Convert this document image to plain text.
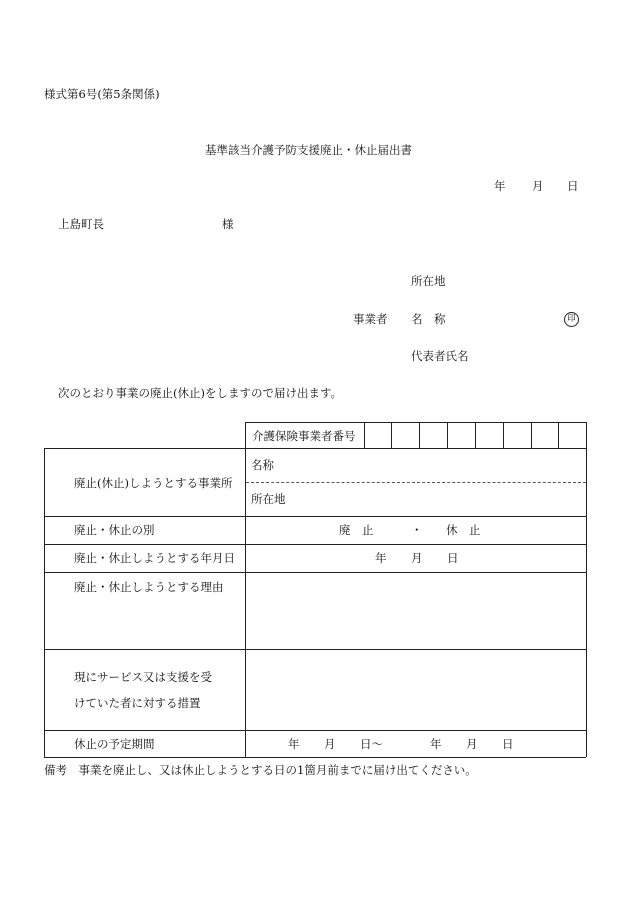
様式第6号(第5条関係)
基準該当介護予防支援廃止・休止届出書
年 月 日
上島町長	様
所在地
事業者 名　称	印
代表者氏名
次のとおり事業の廃止(休止)をしますので届け出ます。
介護保険事業者番号
廃止(休止)しようとする事業所
名称
所在地
廃止・休止の別	廃　止	・ 休　止
廃止・休止しようとする年月日	年 月 日
廃止・休止しようとする理由
現にサービス又は支援を受
けていた者に対する措置
休止の予定期間	年 月 日〜	年 月 日
備考　事業を廃止し、又は休止しようとする日の1箇月前までに届け出てください。
